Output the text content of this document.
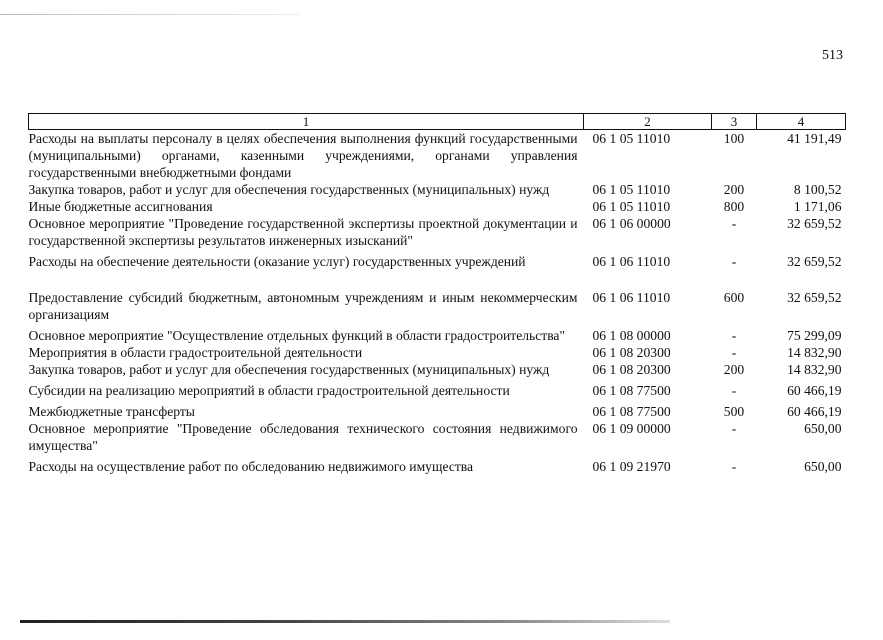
513
1	2	3	4
Расходы на выплаты персоналу в целях обеспечения выполнения функций государственными (муниципальными) органами, казенными учреждениями, органами управления государственными внебюджетными фондами	06 1 05 11010	100	41 191,49
Закупка товаров, работ и услуг для обеспечения государственных (муниципальных) нужд	06 1 05 11010	200	8 100,52
Иные бюджетные ассигнования	06 1 05 11010	800	1 171,06
Основное мероприятие "Проведение государственной экспертизы проектной документации и государственной экспертизы результатов инженерных изысканий"	06 1 06 00000	-	32 659,52
Расходы на обеспечение деятельности (оказание услуг) государственных учреждений	06 1 06 11010	-	32 659,52
Предоставление субсидий бюджетным, автономным учреждениям и иным некоммерческим организациям	06 1 06 11010	600	32 659,52
Основное мероприятие "Осуществление отдельных функций в области градостроительства"	06 1 08 00000	-	75 299,09
Мероприятия в области градостроительной деятельности	06 1 08 20300	-	14 832,90
Закупка товаров, работ и услуг для обеспечения государственных (муниципальных) нужд	06 1 08 20300	200	14 832,90
Субсидии на реализацию мероприятий в области градостроительной деятельности	06 1 08 77500	-	60 466,19
Межбюджетные трансферты	06 1 08 77500	500	60 466,19
Основное мероприятие "Проведение обследования технического состояния недвижимого имущества"	06 1 09 00000	-	650,00
Расходы на осуществление работ по обследованию недвижимого имущества	06 1 09 21970	-	650,00
